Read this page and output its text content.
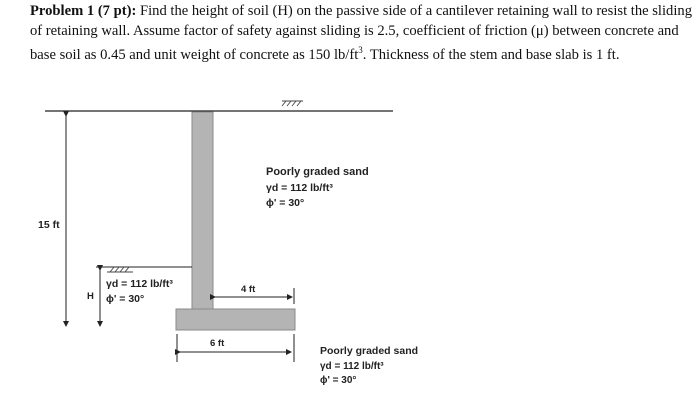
Problem 1 (7 pt): Find the height of soil (H) on the passive side of a cantilever retaining wall to resist the sliding of retaining wall. Assume factor of safety against sliding is 2.5, coefficient of friction (μ) between concrete and base soil as 0.45 and unit weight of concrete as 150 $lb/ft^3$. Thickness of the stem and base slab is 1 ft.
15 ft
H
γd = 112 lb/ft³
ϕ' = 30°
Poorly graded sand
γd = 112 lb/ft³
ϕ' = 30°
4 ft
6 ft
Poorly graded sand
γd = 112 lb/ft³
ϕ' = 30°
